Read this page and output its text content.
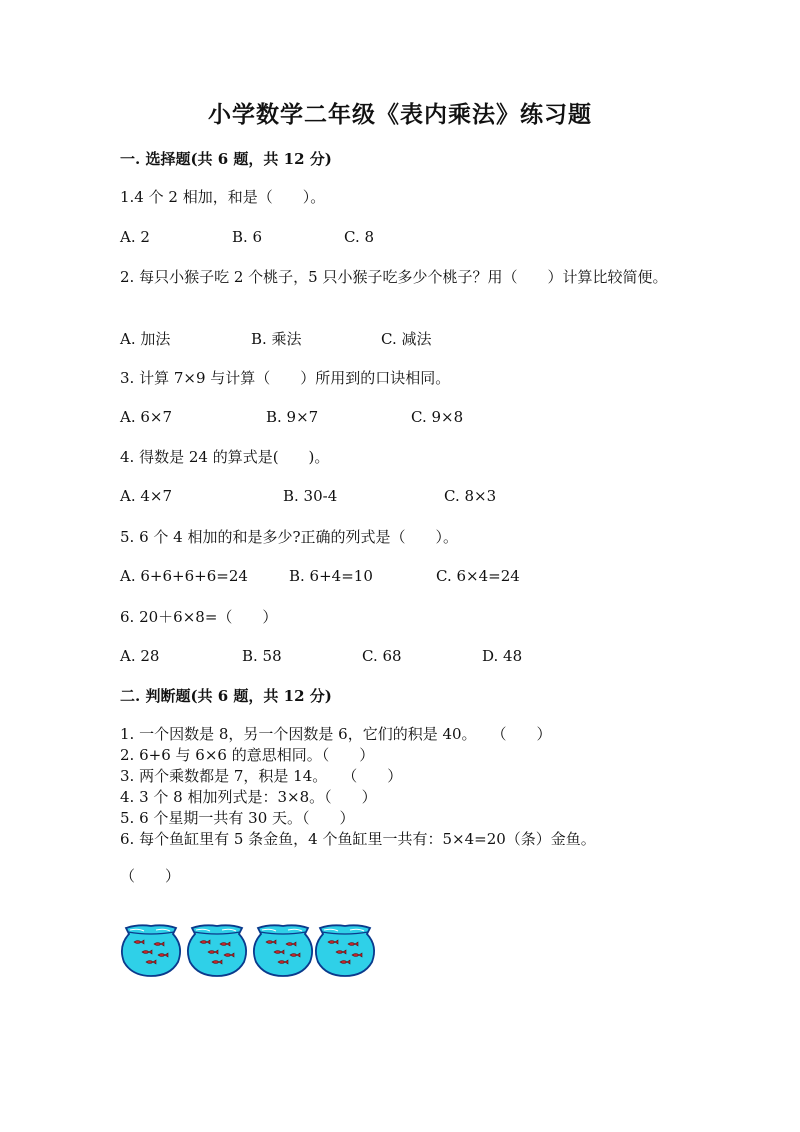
小学数学二年级《表内乘法》练习题
一. 选择题(共 6 题，共 12 分)
1.4 个 2 相加，和是（　　）。
A. 2	B. 6	C. 8
2. 每只小猴子吃 2 个桃子，5 只小猴子吃多少个桃子？用（　　）计算比较简便。
A. 加法	B. 乘法	C. 减法
3. 计算 7×9 与计算（　　）所用到的口诀相同。
A. 6×7	B. 9×7	C. 9×8
4. 得数是 24 的算式是(　　)。
A. 4×7	B. 30-4	C. 8×3
5. 6 个 4 相加的和是多少?正确的列式是（　　）。
A. 6+6+6+6=24	B. 6+4=10	C. 6×4=24
6. 20＋6×8=（　　）
A. 28	B. 58	C. 68	D. 48
二. 判断题(共 6 题，共 12 分)
1. 一个因数是 8，另一个因数是 6，它们的积是 40。　　（　　）
2. 6+6 与 6×6 的意思相同。（　　）
3. 两个乘数都是 7，积是 14。　　（　　）
4. 3 个 8 相加列式是：3×8。（　　）
5. 6 个星期一共有 30 天。（　　）
6. 每个鱼缸里有 5 条金鱼，4 个鱼缸里一共有：5×4=20（条）金鱼。
（　　）
